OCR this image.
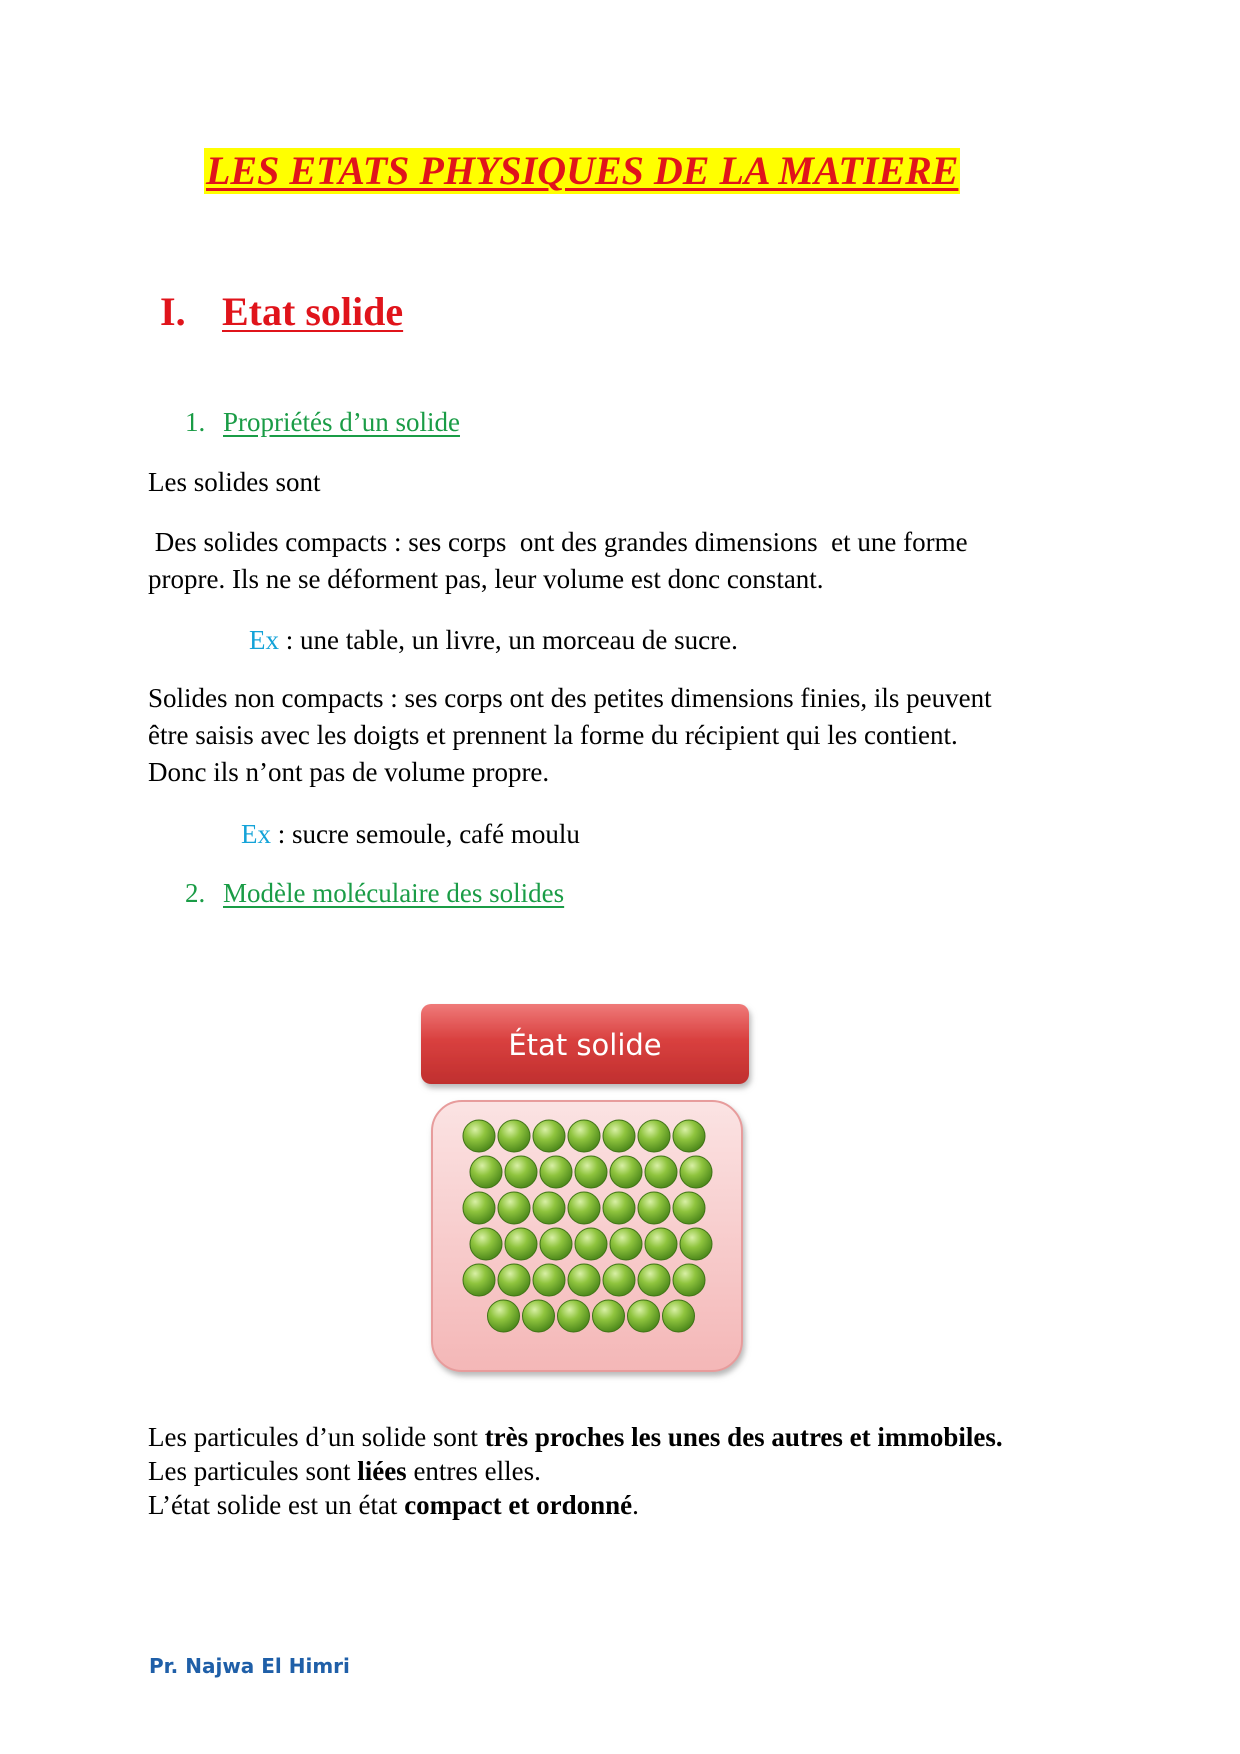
LES ETATS PHYSIQUES DE LA MATIERE
I. Etat solide
1. Propriétés d’un solide
Les solides sont
Des solides compacts : ses corps  ont des grandes dimensions  et une forme
propre. Ils ne se déforment pas, leur volume est donc constant.
Ex : une table, un livre, un morceau de sucre.
Solides non compacts : ses corps ont des petites dimensions finies, ils peuvent
être saisis avec les doigts et prennent la forme du récipient qui les contient.
Donc ils n’ont pas de volume propre.
Ex : sucre semoule, café moulu
2. Modèle moléculaire des solides
État solide
Les particules d’un solide sont très proches les unes des autres et immobiles.
Les particules sont liées entres elles.
L’état solide est un état compact et ordonné.
Pr. Najwa El Himri
